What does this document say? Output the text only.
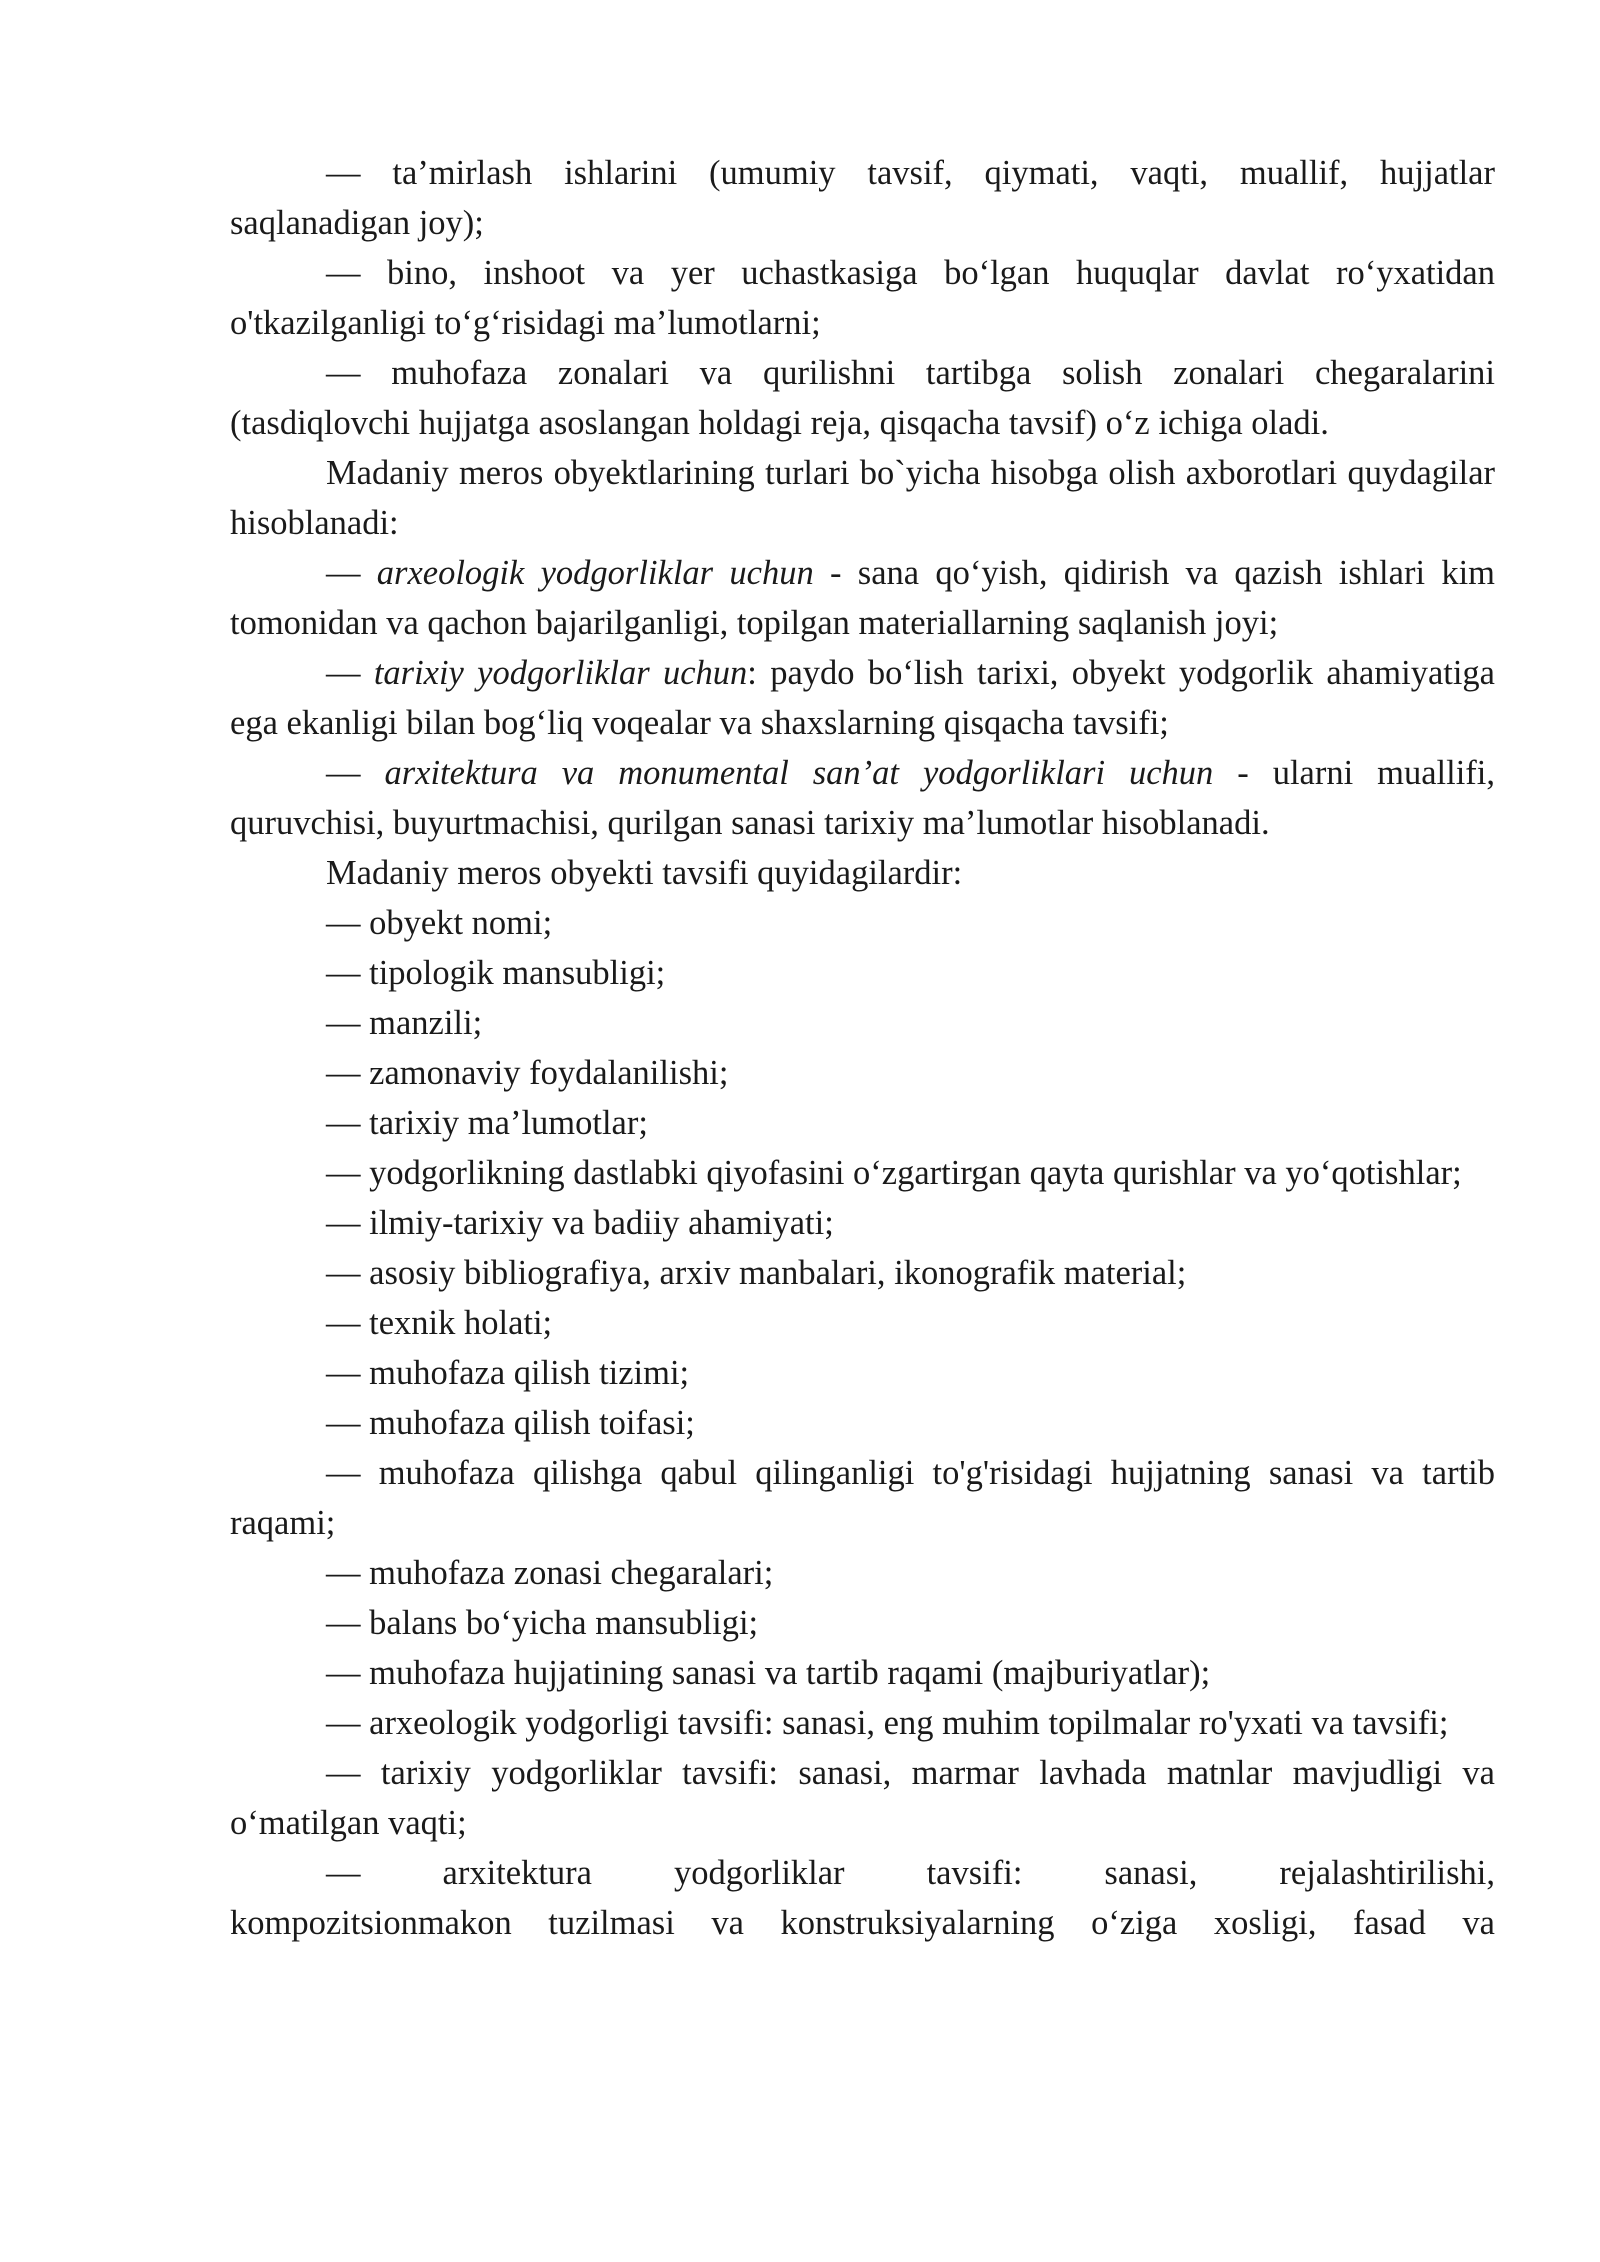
— ta’mirlash ishlarini (umumiy tavsif, qiymati, vaqti, muallif, hujjatlar saqlanadigan joy);

— bino, inshoot va yer uchastkasiga bo‘lgan huquqlar davlat ro‘yxatidan o'tkazilganligi to‘g‘risidagi ma’lumotlarni;

— muhofaza zonalari va qurilishni tartibga solish zonalari chegaralarini (tasdiqlovchi hujjatga asoslangan holdagi reja, qisqacha tavsif) o‘z ichiga oladi.

Madaniy meros obyektlarining turlari bo`yicha hisobga olish axborotlari quydagilar hisoblanadi:

— arxeologik yodgorliklar uchun - sana qo‘yish, qidirish va qazish ishlari kim tomonidan va qachon bajarilganligi, topilgan materiallarning saqlanish joyi;

— tarixiy yodgorliklar uchun: paydo bo‘lish tarixi, obyekt yodgorlik ahamiyatiga ega ekanligi bilan bog‘liq voqealar va shaxslarning qisqacha tavsifi;

— arxitektura va monumental san’at yodgorliklari uchun - ularni muallifi, quruvchisi, buyurtmachisi, qurilgan sanasi tarixiy ma’lumotlar hisoblanadi.

Madaniy meros obyekti tavsifi quyidagilardir:

— obyekt nomi;

— tipologik mansubligi;

— manzili;

— zamonaviy foydalanilishi;

— tarixiy ma’lumotlar;

— yodgorlikning dastlabki qiyofasini o‘zgartirgan qayta qurishlar va yo‘qotishlar;

— ilmiy-tarixiy va badiiy ahamiyati;

— asosiy bibliografiya, arxiv manbalari, ikonografik material;

— texnik holati;

— muhofaza qilish tizimi;

— muhofaza qilish toifasi;

— muhofaza qilishga qabul qilinganligi to'g'risidagi hujjatning sanasi va tartib raqami;

— muhofaza zonasi chegaralari;

— balans bo‘yicha mansubligi;

— muhofaza hujjatining sanasi va tartib raqami (majburiyatlar);

— arxeologik yodgorligi tavsifi: sanasi, eng muhim topilmalar ro'yxati va tavsifi;

— tarixiy yodgorliklar tavsifi: sanasi, marmar lavhada matnlar mavjudligi va o‘matilgan vaqti;

— arxitektura yodgorliklar tavsifi: sanasi, rejalashtirilishi,
kompozitsionmakon tuzilmasi va konstruksiyalarning o‘ziga xosligi, fasad va
